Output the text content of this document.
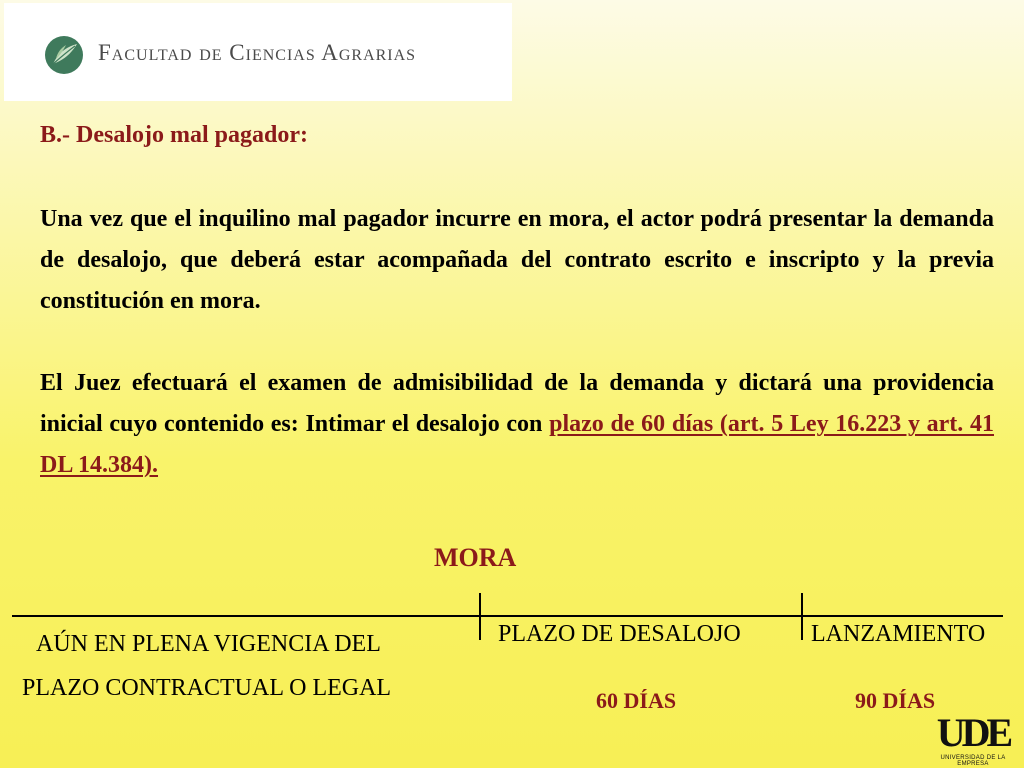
Facultad de Ciencias Agrarias
B.- Desalojo mal pagador:

Una vez que el inquilino mal pagador incurre en mora, el actor podrá presentar la demanda de desalojo, que deberá estar acompañada del contrato escrito e inscripto y la previa constitución en mora.

El Juez efectuará el examen de admisibilidad de la demanda y dictará una providencia inicial cuyo contenido es: Intimar el desalojo con plazo de 60 días (art. 5 Ley 16.223 y art. 41 DL 14.384).

MORA
AÚN EN PLENA VIGENCIA DEL
PLAZO CONTRACTUAL O LEGAL
PLAZO DE DESALOJO	LANZAMIENTO
60 DÍAS	90 DÍAS
UDE
UNIVERSIDAD DE LA EMPRESA
